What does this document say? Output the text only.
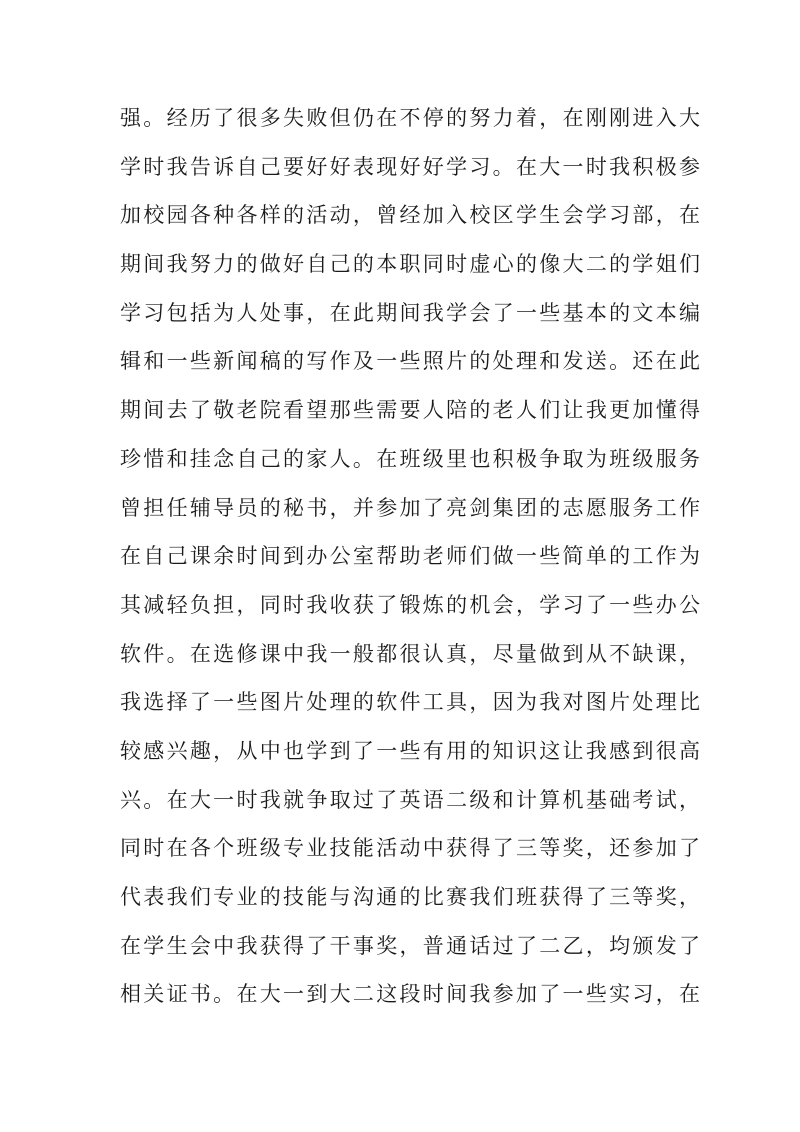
强。经历了很多失败但仍在不停的努力着，在刚刚进入大
学时我告诉自己要好好表现好好学习。在大一时我积极参
加校园各种各样的活动，曾经加入校区学生会学习部，在
期间我努力的做好自己的本职同时虚心的像大二的学姐们
学习包括为人处事，在此期间我学会了一些基本的文本编
辑和一些新闻稿的写作及一些照片的处理和发送。还在此
期间去了敬老院看望那些需要人陪的老人们让我更加懂得
珍惜和挂念自己的家人。在班级里也积极争取为班级服务
曾担任辅导员的秘书，并参加了亮剑集团的志愿服务工作
在自己课余时间到办公室帮助老师们做一些简单的工作为
其减轻负担，同时我收获了锻炼的机会，学习了一些办公
软件。在选修课中我一般都很认真，尽量做到从不缺课，
我选择了一些图片处理的软件工具，因为我对图片处理比
较感兴趣，从中也学到了一些有用的知识这让我感到很高
兴。在大一时我就争取过了英语二级和计算机基础考试，
同时在各个班级专业技能活动中获得了三等奖，还参加了
代表我们专业的技能与沟通的比赛我们班获得了三等奖，
在学生会中我获得了干事奖，普通话过了二乙，均颁发了
相关证书。在大一到大二这段时间我参加了一些实习，在
